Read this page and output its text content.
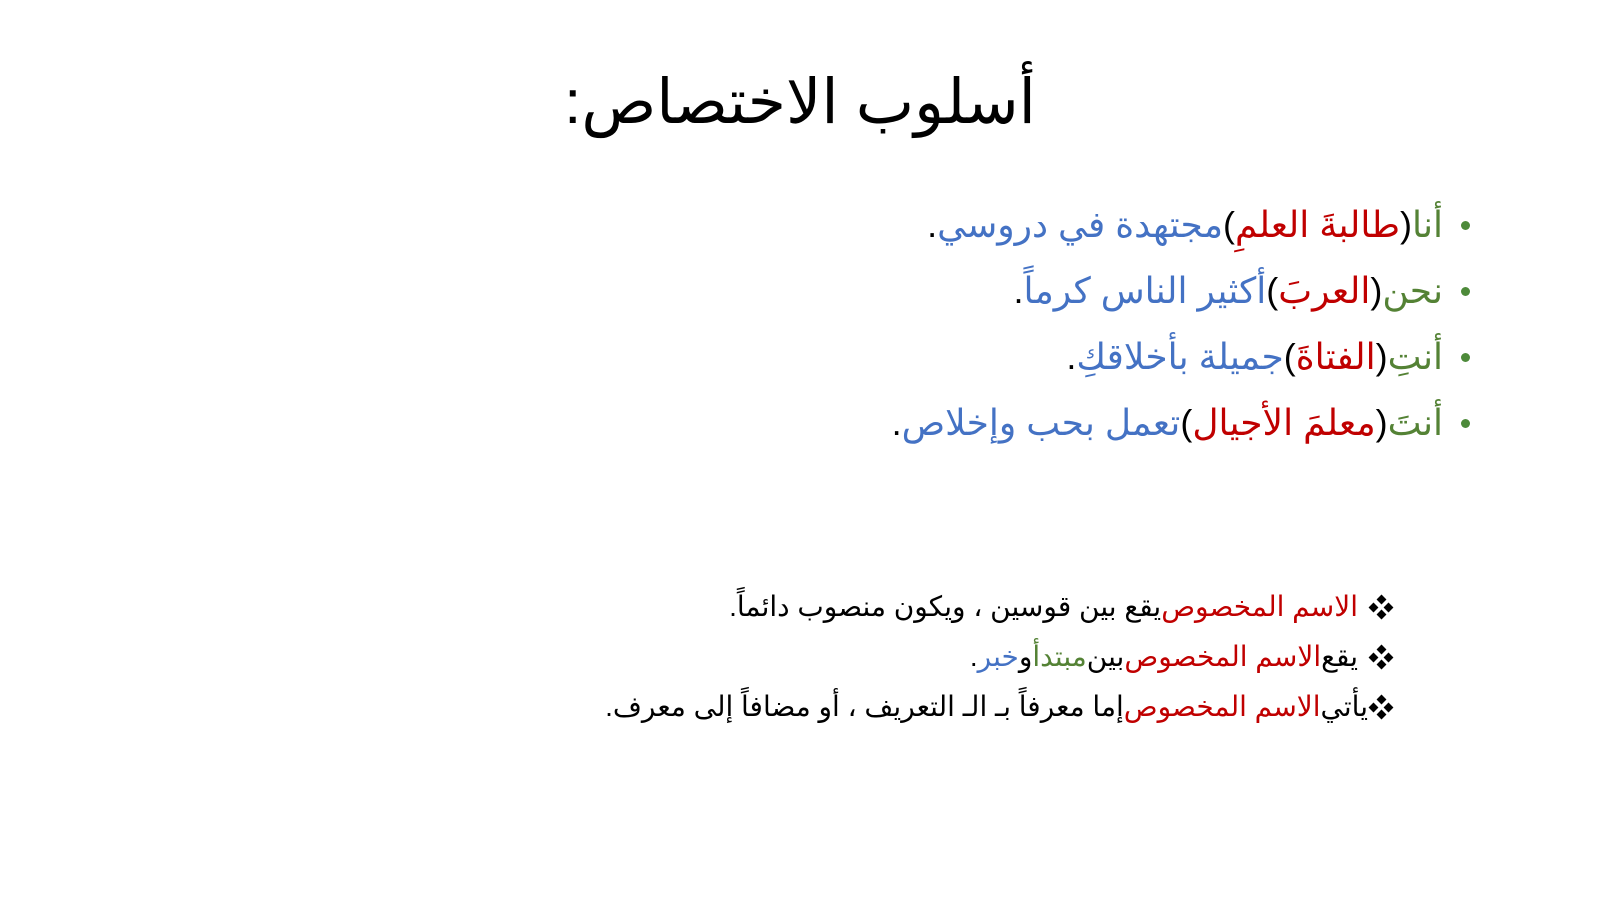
أسلوب الاختصاص:
أنا
(
طالبةَ العلمِ
)
مجتهدة في دروسي
.
نحن
(
العربَ
)
أكثير الناس كرماً
.
أنتِ
(
الفتاةَ
)
جميلة بأخلاقكِ
.
أنتَ
(
معلمَ الأجيال
)
تعمل بحب وإخلاص
.
الاسم المخصوص
يقع بين قوسين ، ويكون منصوب دائماً.
يقع
الاسم المخصوص
بين
مبتدأ
و
خبر
.
يأتي
الاسم المخصوص
إما معرفاً بـ الـ التعريف ، أو مضافاً إلى معرف.
